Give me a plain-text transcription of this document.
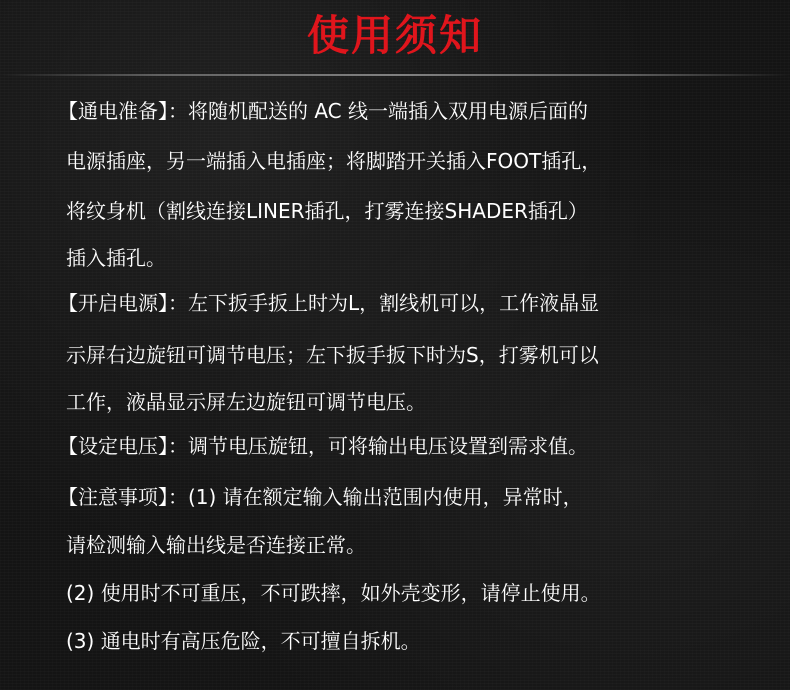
使用须知
【通电准备】：将随机配送的 AC 线一端插入双用电源后面的
电源插座，另一端插入电插座；将脚踏开关插入FOOT插孔，
将纹身机（割线连接LINER插孔，打雾连接SHADER插孔）
插入插孔。
【开启电源】：左下扳手扳上时为L，割线机可以，工作液晶显
示屏右边旋钮可调节电压；左下扳手扳下时为S，打雾机可以
工作，液晶显示屏左边旋钮可调节电压。
【设定电压】：调节电压旋钮，可将输出电压设置到需求值。
【注意事项】：(1) 请在额定输入输出范围内使用，异常时，
请检测输入输出线是否连接正常。
(2) 使用时不可重压，不可跌摔，如外壳变形，请停止使用。
(3) 通电时有高压危险，不可擅自拆机。
